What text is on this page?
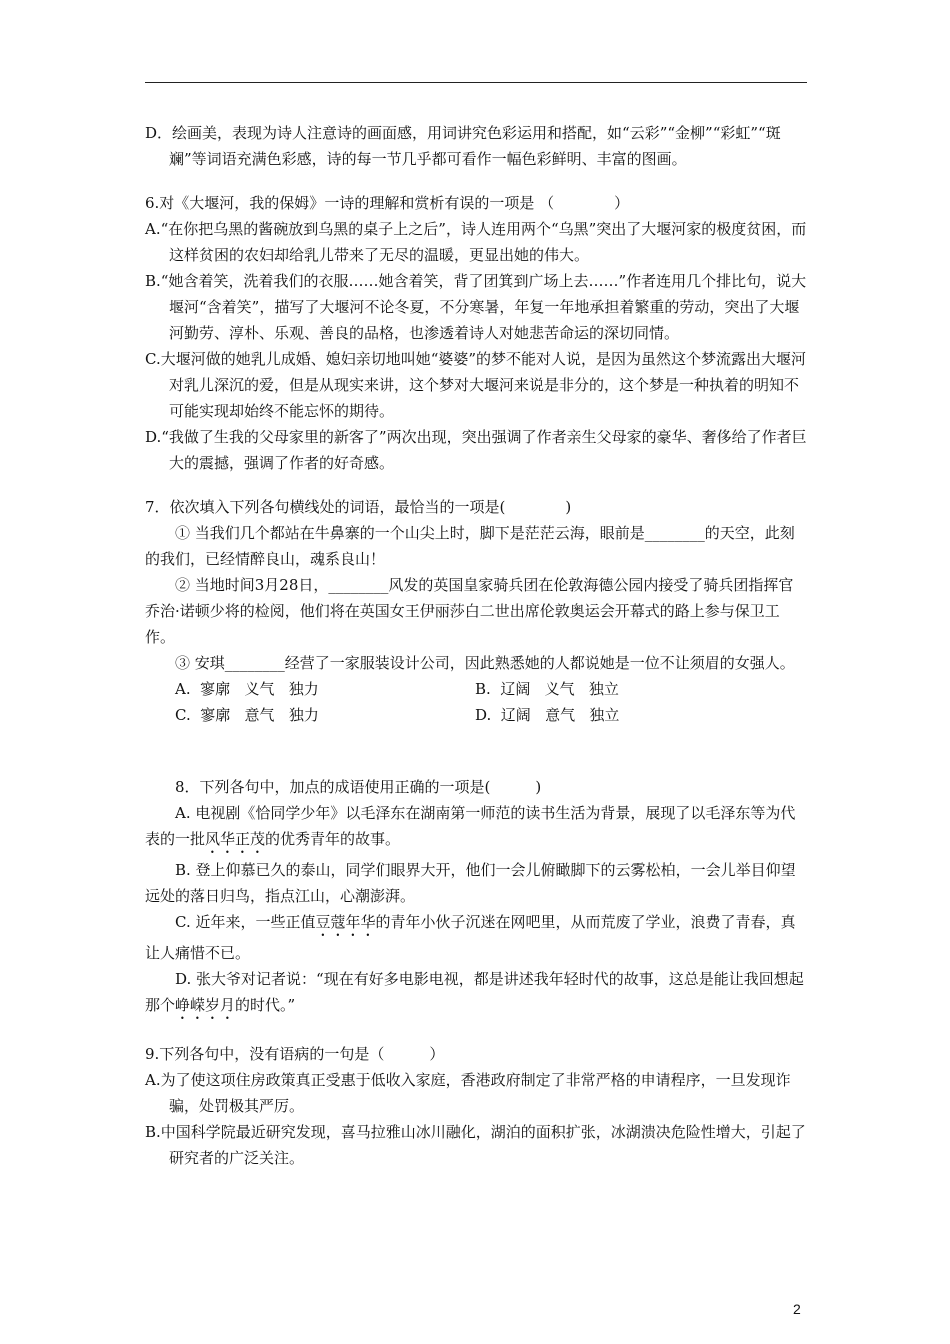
D．绘画美，表现为诗人注意诗的画面感，用词讲究色彩运用和搭配，如“云彩”“金柳”“彩虹”“斑斓”等词语充满色彩感，诗的每一节几乎都可看作一幅色彩鲜明、丰富的图画。

6.对《大堰河，我的保姆》一诗的理解和赏析有误的一项是 （　　　　）

A.“在你把乌黑的酱碗放到乌黑的桌子上之后”，诗人连用两个“乌黑”突出了大堰河家的极度贫困，而这样贫困的农妇却给乳儿带来了无尽的温暖，更显出她的伟大。

B.“她含着笑，洗着我们的衣服……她含着笑，背了团箕到广场上去……”作者连用几个排比句，说大堰河“含着笑”，描写了大堰河不论冬夏，不分寒暑，年复一年地承担着繁重的劳动，突出了大堰河勤劳、淳朴、乐观、善良的品格，也渗透着诗人对她悲苦命运的深切同情。

C.大堰河做的她乳儿成婚、媳妇亲切地叫她“婆婆”的梦不能对人说，是因为虽然这个梦流露出大堰河对乳儿深沉的爱，但是从现实来讲，这个梦对大堰河来说是非分的，这个梦是一种执着的明知不可能实现却始终不能忘怀的期待。

D.“我做了生我的父母家里的新客了”两次出现，突出强调了作者亲生父母家的豪华、奢侈给了作者巨大的震撼，强调了作者的好奇感。

7．依次填入下列各句横线处的词语，最恰当的一项是(　　　　)

① 当我们几个都站在牛鼻寨的一个山尖上时，脚下是茫茫云海，眼前是________的天空，此刻的我们，已经情醉良山，魂系良山！

② 当地时间3月28日，________风发的英国皇家骑兵团在伦敦海德公园内接受了骑兵团指挥官乔治·诺顿少将的检阅，他们将在英国女王伊丽莎白二世出席伦敦奥运会开幕式的路上参与保卫工作。

③ 安琪________经营了一家服装设计公司，因此熟悉她的人都说她是一位不让须眉的女强人。

A.  寥廓   义气   独力	B.  辽阔   义气   独立
C.  寥廓   意气   独力	D.  辽阔   意气   独立

8．下列各句中，加点的成语使用正确的一项是(　　　)

A. 电视剧《恰同学少年》以毛泽东在湖南第一师范的读书生活为背景，展现了以毛泽东等为代表的一批风华正茂的优秀青年的故事。

B. 登上仰慕已久的泰山，同学们眼界大开，他们一会儿俯瞰脚下的云雾松柏，一会儿举目仰望远处的落日归鸟，指点江山，心潮澎湃。

C. 近年来，一些正值豆蔻年华的青年小伙子沉迷在网吧里，从而荒废了学业，浪费了青春，真让人痛惜不已。

D. 张大爷对记者说：“现在有好多电影电视，都是讲述我年轻时代的故事，这总是能让我回想起那个峥嵘岁月的时代。”

9.下列各句中，没有语病的一句是（　　　）

A.为了使这项住房政策真正受惠于低收入家庭，香港政府制定了非常严格的申请程序，一旦发现诈骗，处罚极其严厉。

B.中国科学院最近研究发现，喜马拉雅山冰川融化，湖泊的面积扩张，冰湖溃决危险性增大，引起了研究者的广泛关注。

2
